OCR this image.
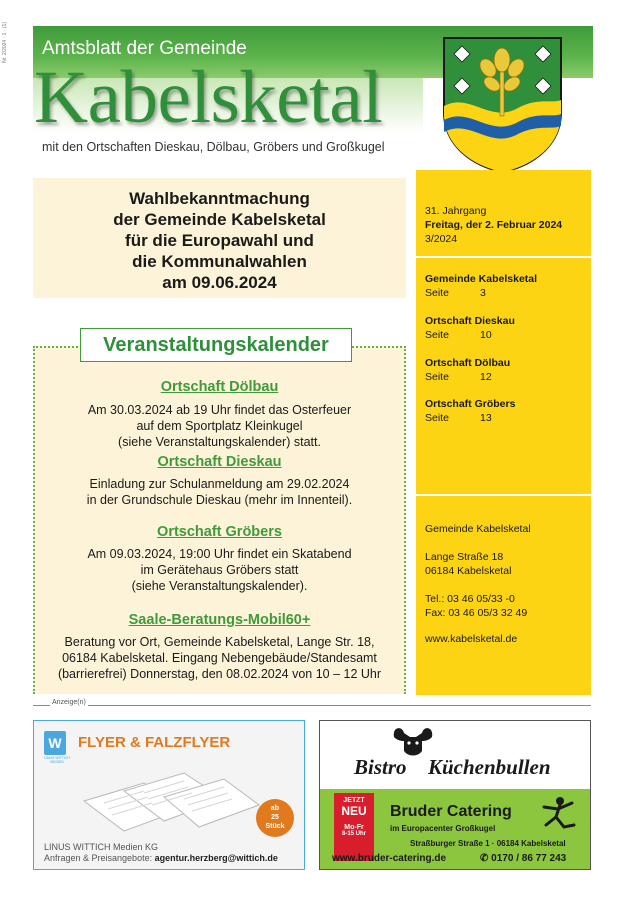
Nr. 2/2024 · 1 · (1) Amtsblatt der Gemeinde
Kabelsketal
mit den Ortschaften Dieskau, Dölbau, Gröbers und Großkugel
31. Jahrgang
Freitag, der 2. Februar 2024
3/2024
Gemeinde Kabelsketal
Seite	3
Ortschaft Dieskau
Seite	10
Ortschaft Dölbau
Seite	12
Ortschaft Gröbers
Seite	13
Gemeinde Kabelsketal
Lange Straße 18
06184 Kabelsketal
Tel.: 03 46 05/33 -0
Fax: 03 46 05/3 32 49
www.kabelsketal.de
Wahlbekanntmachung
der Gemeinde Kabelsketal
für die Europawahl und
die Kommunalwahlen
am 09.06.2024
Veranstaltungskalender
Ortschaft Dölbau
Am 30.03.2024 ab 19 Uhr findet das Osterfeuer
auf dem Sportplatz Kleinkugel
(siehe Veranstaltungskalender) statt.
Ortschaft Dieskau
Einladung zur Schulanmeldung am 29.02.2024
in der Grundschule Dieskau (mehr im Innenteil).
Ortschaft Gröbers
Am 09.03.2024, 19:00 Uhr findet ein Skatabend
im Gerätehaus Gröbers statt
(siehe Veranstaltungskalender).
Saale-Beratungs-Mobil60+
Beratung vor Ort, Gemeinde Kabelsketal, Lange Str. 18,
06184 Kabelsketal. Eingang Nebengebäude/Standesamt
(barrierefrei) Donnerstag, den 08.02.2024 von 10 – 12 Uhr
Anzeige(n)
W
LINUS WITTICH MEDIEN
FLYER & FALZFLYER
ab
25
Stück
LINUS WITTICH Medien KG
Anfragen & Preisangebote: agentur.herzberg@wittich.de
Bistro Küchenbullen
JETZT
NEU
Mo-Fr
8-15 Uhr
Bruder Catering
im Europacenter Großkugel
Straßburger Straße 1 · 06184 Kabelsketal
www.bruder-catering.de	✆ 0170 / 86 77 243
